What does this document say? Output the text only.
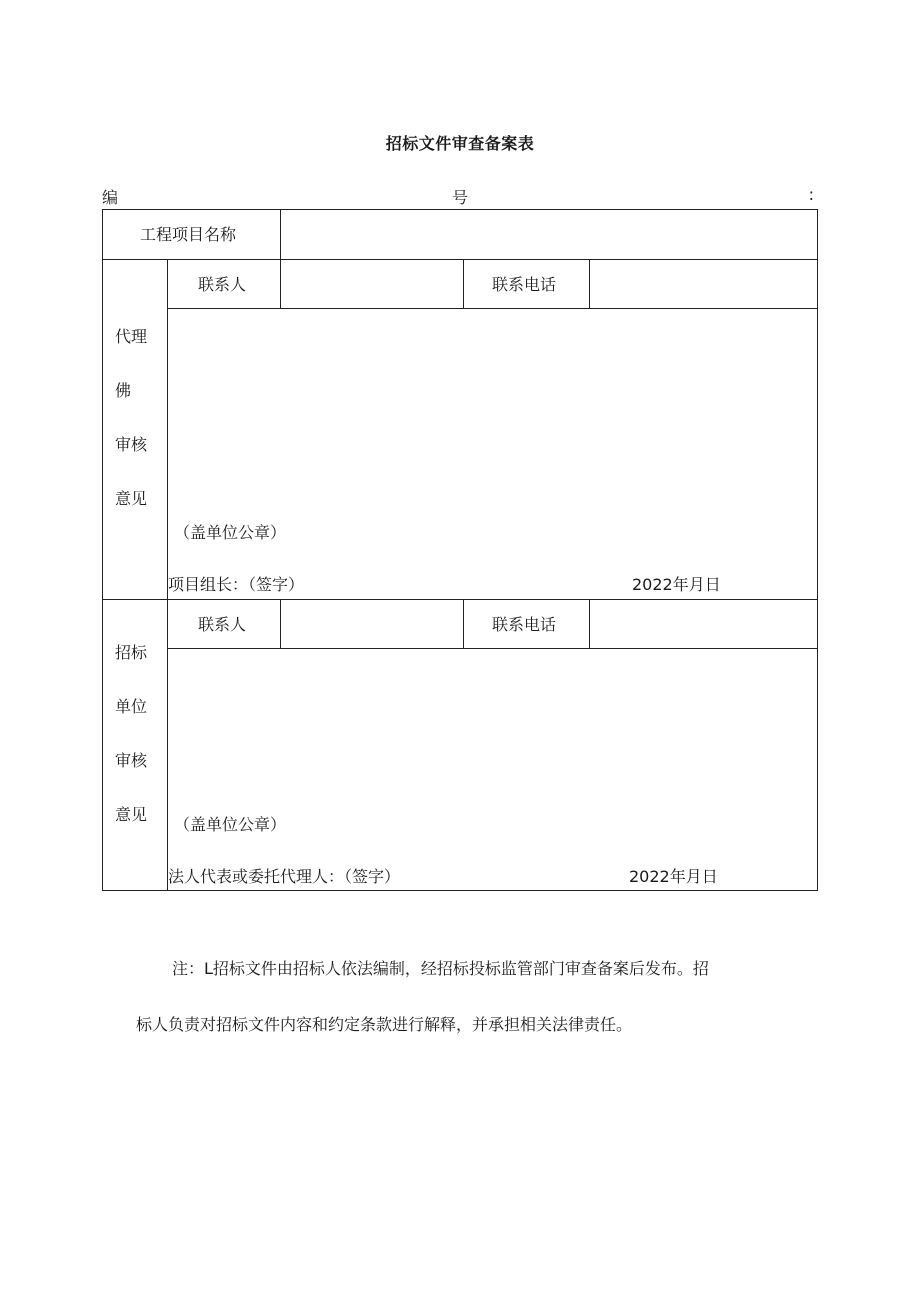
招标文件审查备案表
编	号	:
工程项目名称
联系人	联系电话
代理
佛
审核
意见
（盖单位公章）
项目组长：（签字）	2022年月日
联系人	联系电话
招标
单位
审核
意见
（盖单位公章）
法人代表或委托代理人：（签字）	2022年月日
注：L招标文件由招标人依法编制，经招标投标监管部门审查备案后发布。招
标人负责对招标文件内容和约定条款进行解释，并承担相关法律责任。
